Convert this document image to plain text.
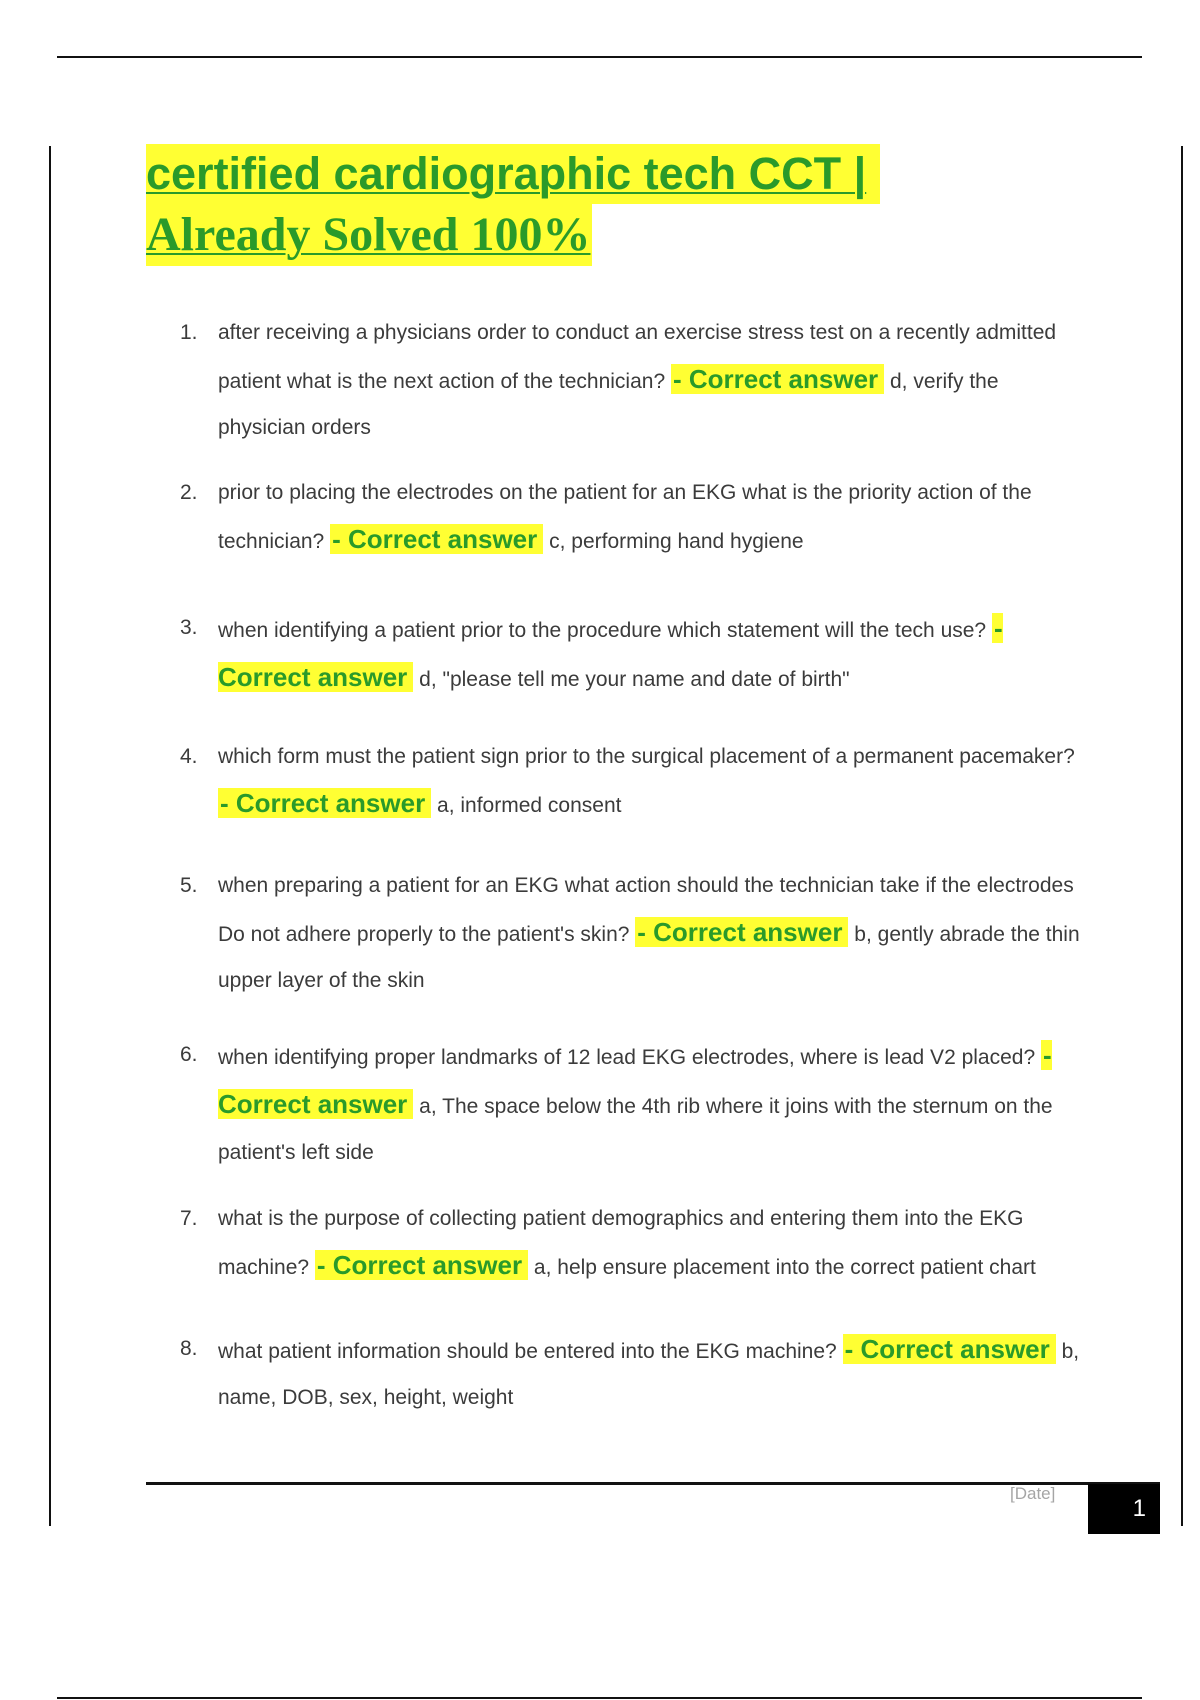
certified cardiographic tech CCT |
Already Solved 100%
1. after receiving a physicians order to conduct an exercise stress test on a recently admitted patient what is the next action of the technician? - Correct answer d, verify the physician orders
2. prior to placing the electrodes on the patient for an EKG what is the priority action of the technician? - Correct answer c, performing hand hygiene
3. when identifying a patient prior to the procedure which statement will the tech use? - Correct answer d, "please tell me your name and date of birth"
4. which form must the patient sign prior to the surgical placement of a permanent pacemaker? - Correct answer a, informed consent
5. when preparing a patient for an EKG what action should the technician take if the electrodes Do not adhere properly to the patient's skin? - Correct answer b, gently abrade the thin upper layer of the skin
6. when identifying proper landmarks of 12 lead EKG electrodes, where is lead V2 placed? - Correct answer a, The space below the 4th rib where it joins with the sternum on the patient's left side
7. what is the purpose of collecting patient demographics and entering them into the EKG machine? - Correct answer a, help ensure placement into the correct patient chart
8. what patient information should be entered into the EKG machine? - Correct answer b, name, DOB, sex, height, weight
[Date]
1
